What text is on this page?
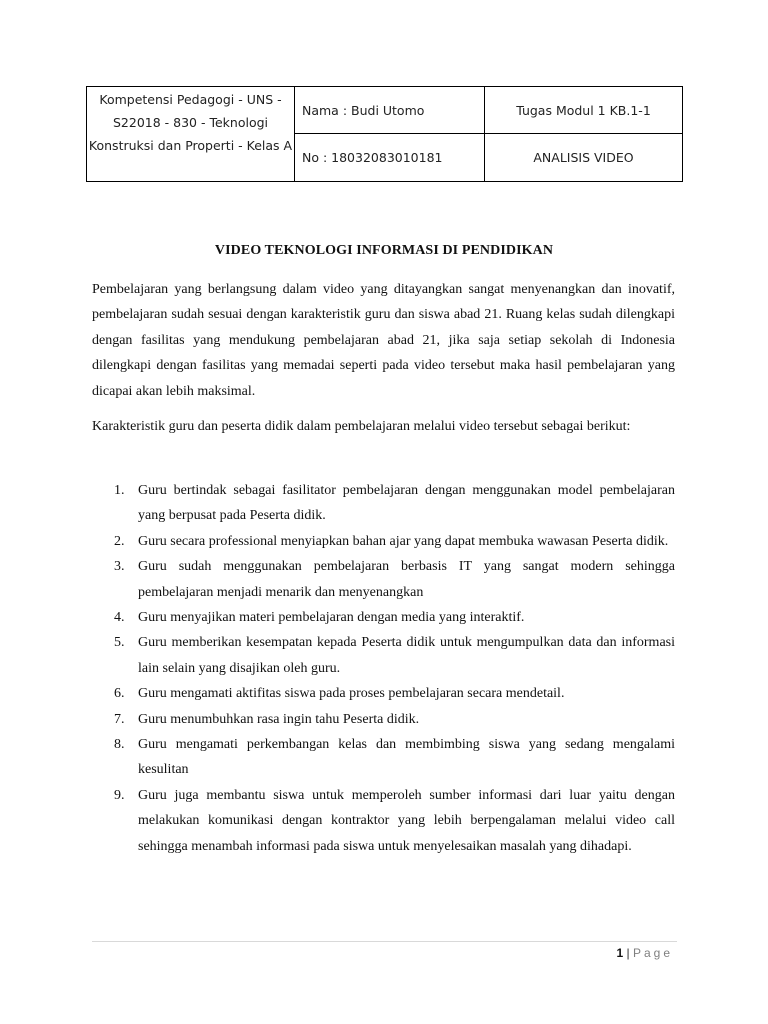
Kompetensi Pedagogi - UNS - S22018 - 830 - Teknologi Konstruksi dan Properti - Kelas A
Nama : Budi Utomo	Tugas Modul 1 KB.1-1
No : 18032083010181	ANALISIS VIDEO
VIDEO TEKNOLOGI INFORMASI DI PENDIDIKAN

Pembelajaran yang berlangsung dalam video yang ditayangkan sangat menyenangkan dan inovatif, pembelajaran sudah sesuai dengan karakteristik guru dan siswa abad 21. Ruang kelas sudah dilengkapi dengan fasilitas yang mendukung pembelajaran abad 21, jika saja setiap sekolah di Indonesia dilengkapi dengan fasilitas yang memadai seperti pada video tersebut maka hasil pembelajaran yang dicapai akan lebih maksimal.

Karakteristik guru dan peserta didik dalam pembelajaran melalui video tersebut sebagai berikut:

1. Guru bertindak sebagai fasilitator pembelajaran dengan menggunakan model pembelajaran yang berpusat pada Peserta didik.
2. Guru secara professional menyiapkan bahan ajar yang dapat membuka wawasan Peserta didik.
3. Guru sudah menggunakan pembelajaran berbasis IT yang sangat modern sehingga pembelajaran menjadi menarik dan menyenangkan
4. Guru menyajikan materi pembelajaran dengan media yang interaktif.
5. Guru memberikan kesempatan kepada Peserta didik untuk mengumpulkan data dan informasi lain selain yang disajikan oleh guru.
6. Guru mengamati aktifitas siswa pada proses pembelajaran secara mendetail.
7. Guru menumbuhkan rasa ingin tahu Peserta didik.
8. Guru mengamati perkembangan kelas dan membimbing siswa yang sedang mengalami kesulitan
9. Guru juga membantu siswa untuk memperoleh sumber informasi dari luar yaitu dengan melakukan komunikasi dengan kontraktor yang lebih berpengalaman melalui video call sehingga menambah informasi pada siswa untuk menyelesaikan masalah yang dihadapi.
1 | Page
